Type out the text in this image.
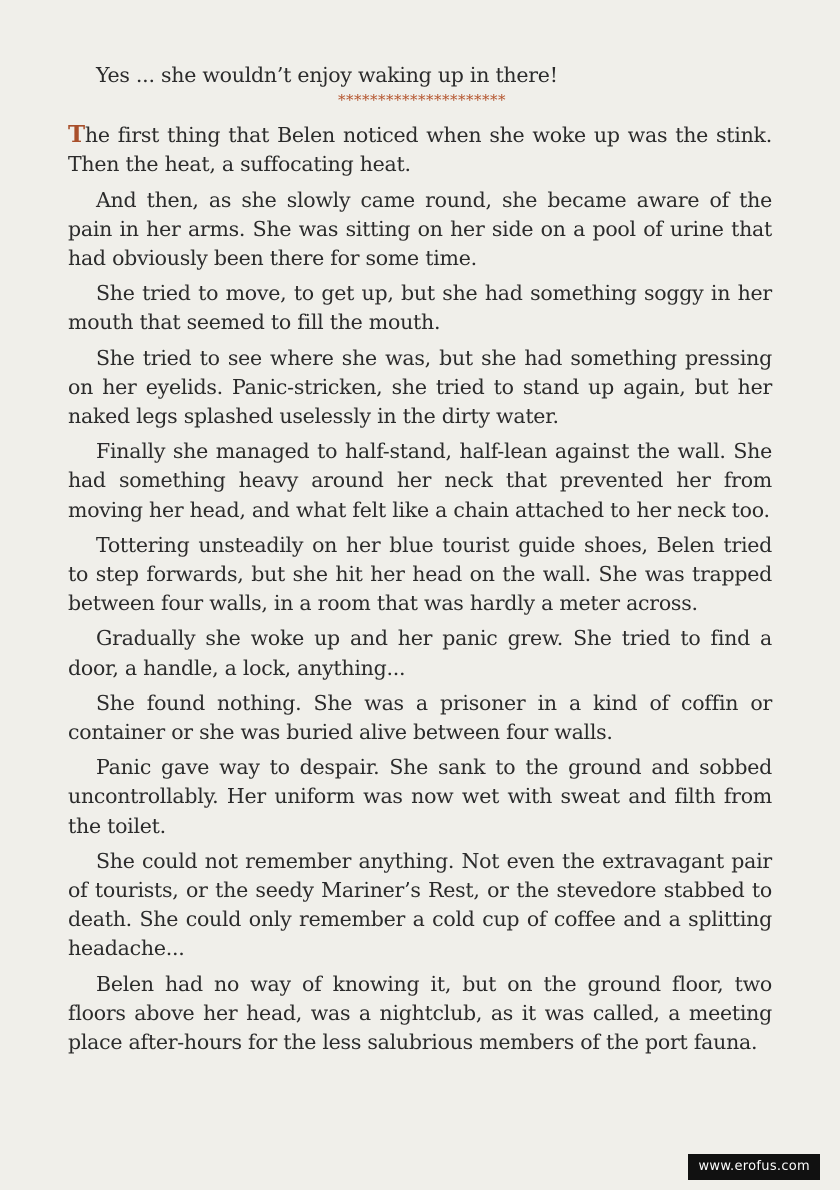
Yes ... she wouldn’t enjoy waking up in there!

*********************

The first thing that Belen noticed when she woke up was the stink. Then the heat, a suffocating heat.

And then, as she slowly came round, she became aware of the pain in her arms. She was sitting on her side on a pool of urine that had obviously been there for some time.

She tried to move, to get up, but she had something soggy in her mouth that seemed to fill the mouth.

She tried to see where she was, but she had something pressing on her eyelids. Panic-stricken, she tried to stand up again, but her naked legs splashed uselessly in the dirty water.

Finally she managed to half-stand, half-lean against the wall. She had something heavy around her neck that prevented her from moving her head, and what felt like a chain attached to her neck too.

Tottering unsteadily on her blue tourist guide shoes, Belen tried to step forwards, but she hit her head on the wall. She was trapped between four walls, in a room that was hardly a meter across.

Gradually she woke up and her panic grew. She tried to find a door, a handle, a lock, anything...

She found nothing. She was a prisoner in a kind of coffin or container or she was buried alive between four walls.

Panic gave way to despair. She sank to the ground and sobbed uncontrollably. Her uniform was now wet with sweat and filth from the toilet.

She could not remember anything. Not even the extravagant pair of tourists, or the seedy Mariner’s Rest, or the stevedore stabbed to death. She could only remember a cold cup of coffee and a splitting headache...

Belen had no way of knowing it, but on the ground floor, two floors above her head, was a nightclub, as it was called, a meeting place after-hours for the less salubrious members of the port fauna.

www.erofus.com
